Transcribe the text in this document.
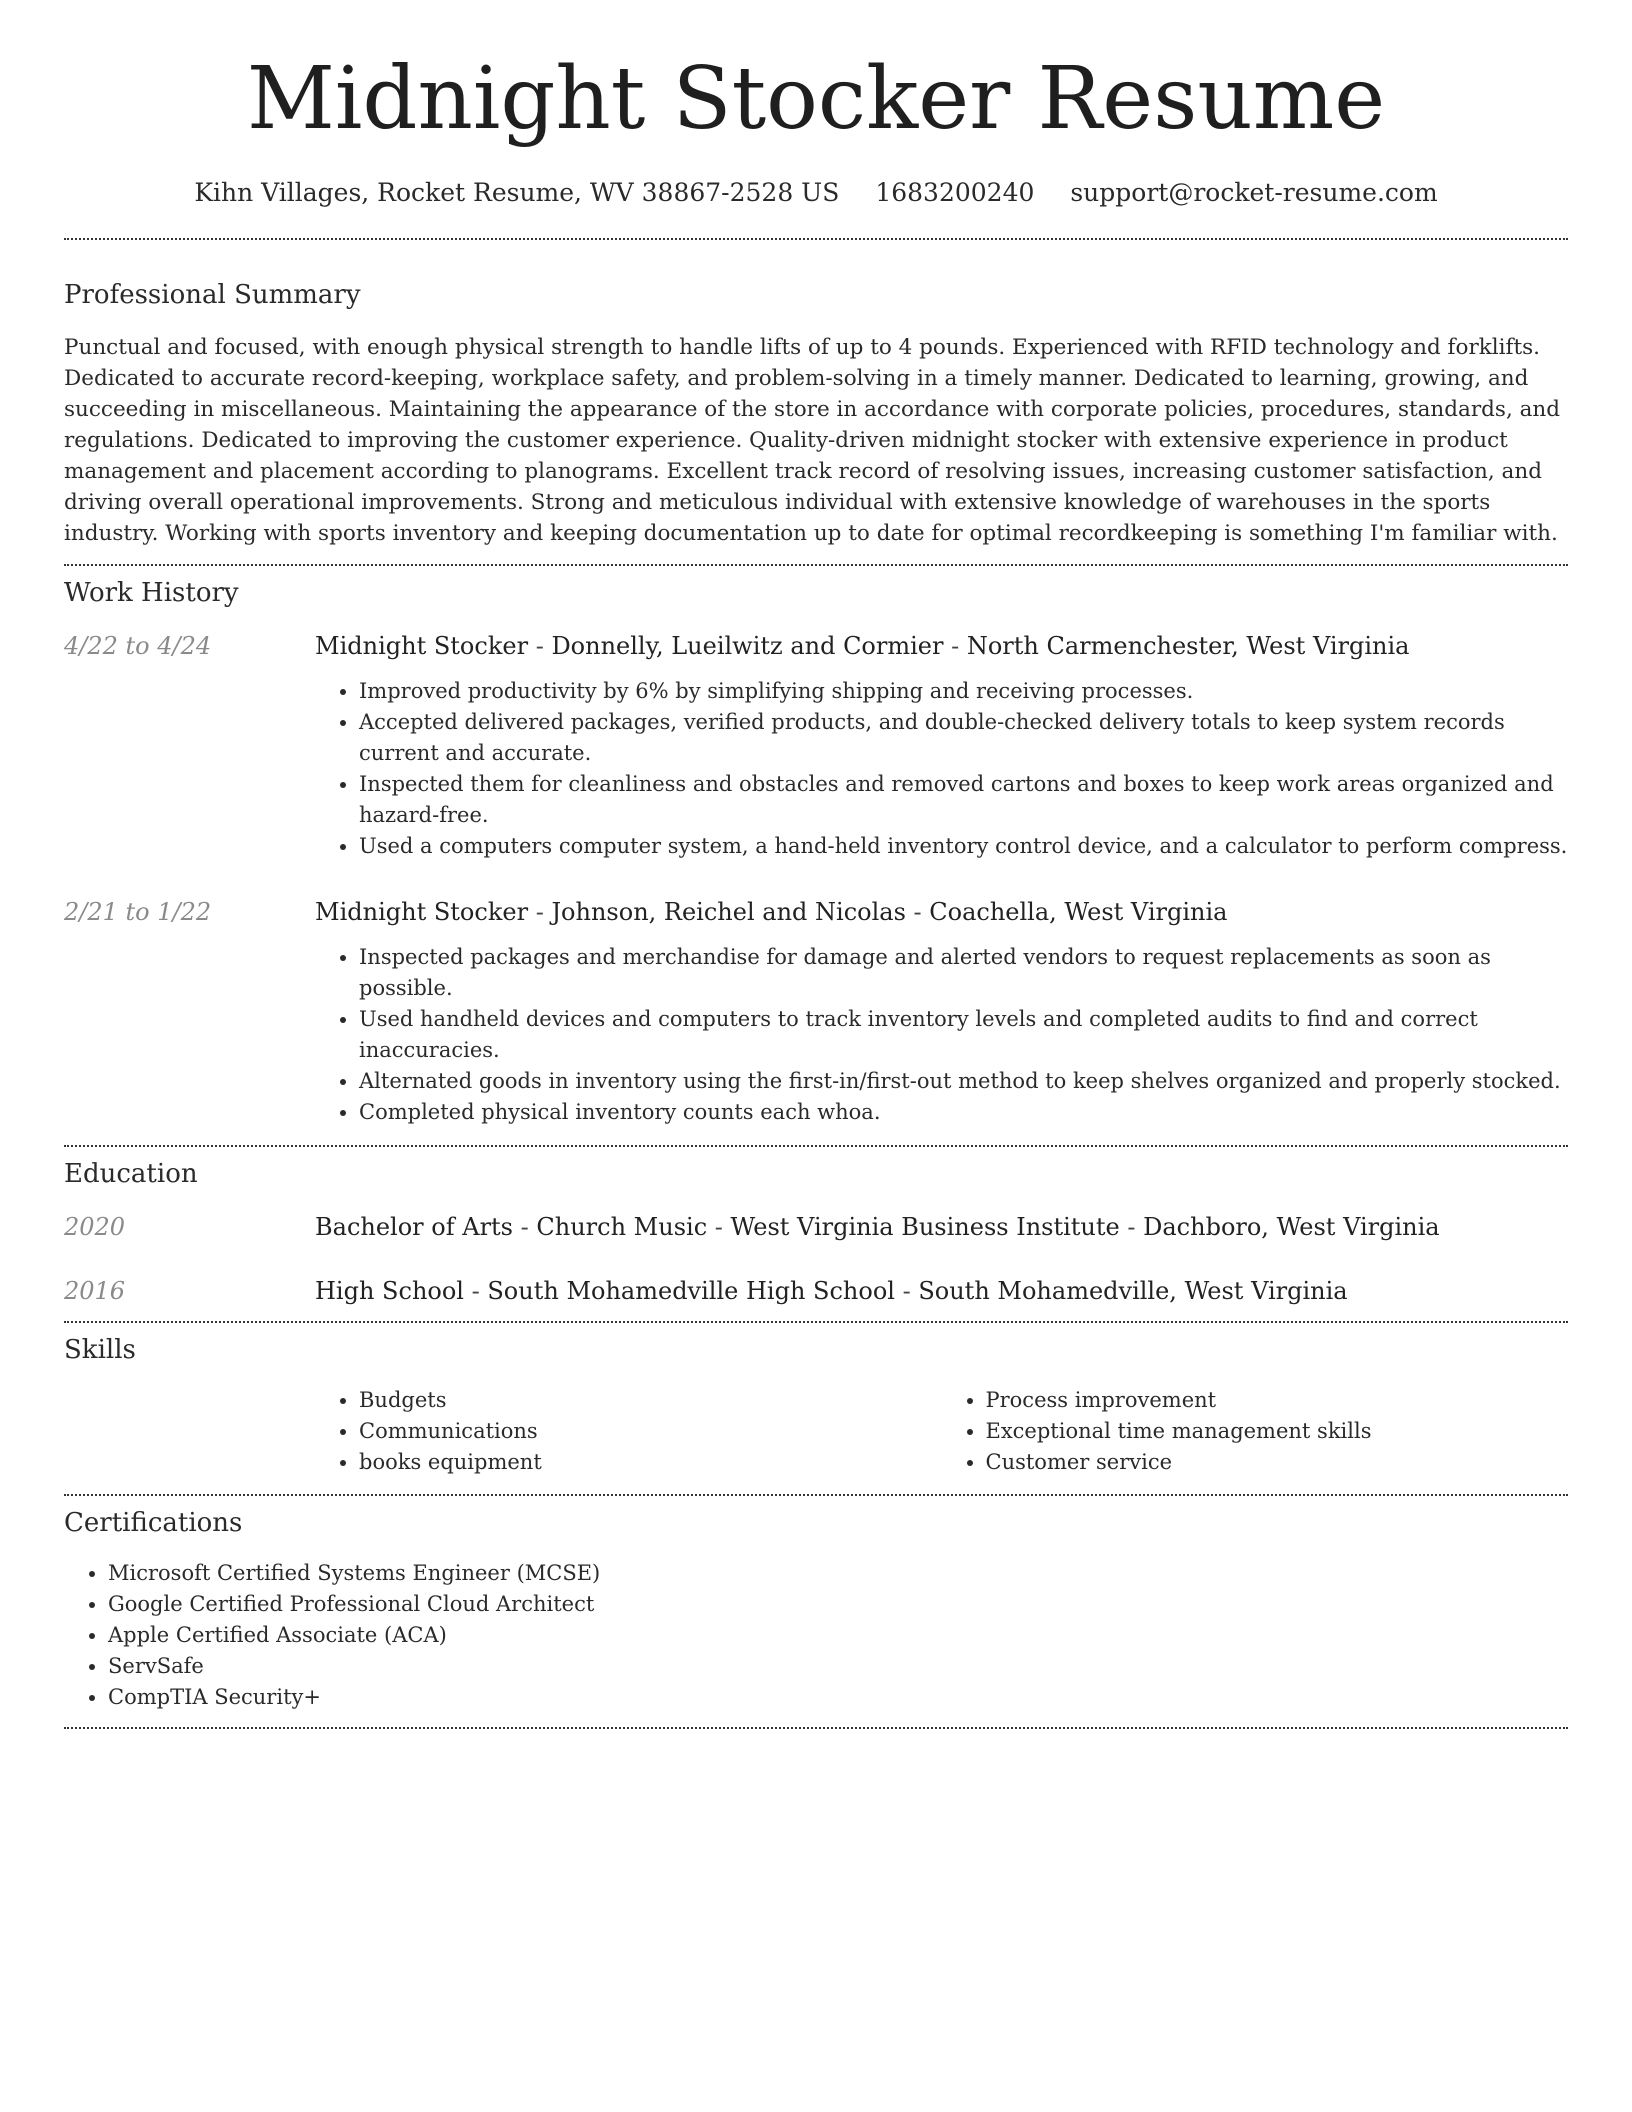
Midnight Stocker Resume
Kihn Villages, Rocket Resume, WV 38867-2528 US 1683200240 support@rocket-resume.com
Professional Summary

Punctual and focused, with enough physical strength to handle lifts of up to 4 pounds. Experienced with RFID technology and forklifts. Dedicated to accurate record-keeping, workplace safety, and problem-solving in a timely manner. Dedicated to learning, growing, and succeeding in miscellaneous. Maintaining the appearance of the store in accordance with corporate policies, procedures, standards, and regulations. Dedicated to improving the customer experience. Quality-driven midnight stocker with extensive experience in product management and placement according to planograms. Excellent track record of resolving issues, increasing customer satisfaction, and driving overall operational improvements. Strong and meticulous individual with extensive knowledge of warehouses in the sports industry. Working with sports inventory and keeping documentation up to date for optimal recordkeeping is something I'm familiar with.

Work History
4/22 to 4/24	Midnight Stocker - Donnelly, Lueilwitz and Cormier - North Carmenchester, West Virginia
• Improved productivity by 6% by simplifying shipping and receiving processes.
• Accepted delivered packages, verified products, and double-checked delivery totals to keep system records current and accurate.
• Inspected them for cleanliness and obstacles and removed cartons and boxes to keep work areas organized and hazard-free.
• Used a computers computer system, a hand-held inventory control device, and a calculator to perform compress.
2/21 to 1/22	Midnight Stocker - Johnson, Reichel and Nicolas - Coachella, West Virginia
• Inspected packages and merchandise for damage and alerted vendors to request replacements as soon as possible.
• Used handheld devices and computers to track inventory levels and completed audits to find and correct inaccuracies.
• Alternated goods in inventory using the first-in/first-out method to keep shelves organized and properly stocked.
• Completed physical inventory counts each whoa.
Education
2020	Bachelor of Arts - Church Music - West Virginia Business Institute - Dachboro, West Virginia
2016	High School - South Mohamedville High School - South Mohamedville, West Virginia
Skills
• Budgets
• Communications
• books equipment
• Process improvement
• Exceptional time management skills
• Customer service
Certifications
• Microsoft Certified Systems Engineer (MCSE)
• Google Certified Professional Cloud Architect
• Apple Certified Associate (ACA)
• ServSafe
• CompTIA Security+
